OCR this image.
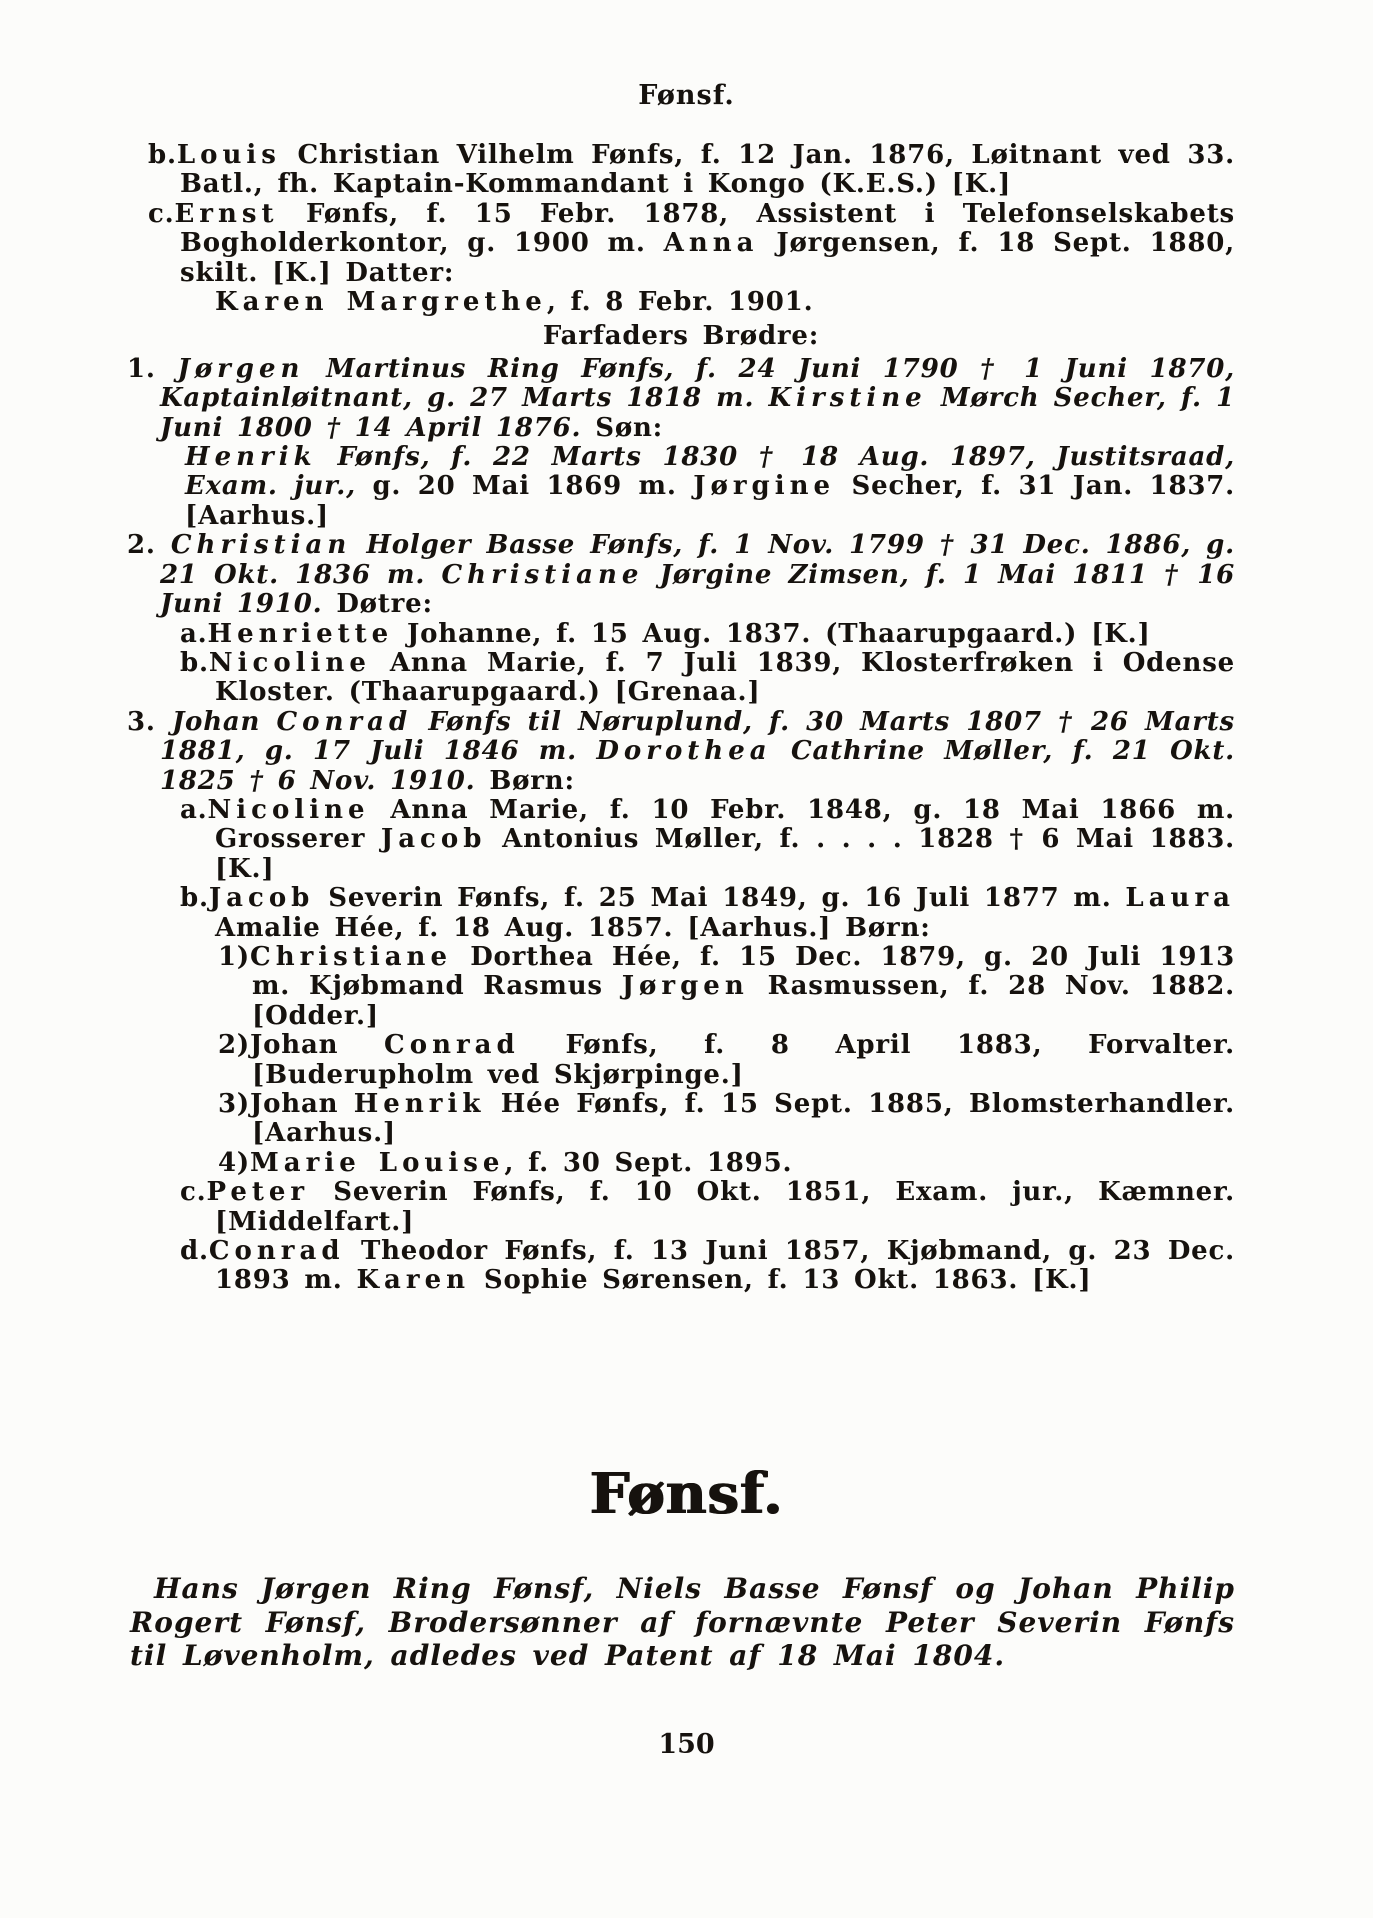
Fønsf.

b.Louis Christian Vilhelm Fønfs, f. 12 Jan. 1876, Løitnant ved 33. Batl., fh. Kaptain-Kommandant i Kongo (K.E.S.) [K.]

c.Ernst Fønfs, f. 15 Febr. 1878, Assistent i Telefonselskabets Bogholderkontor, g. 1900 m. Anna Jørgensen, f. 18 Sept. 1880, skilt. [K.] Datter:

Karen Margrethe, f. 8 Febr. 1901.

Farfaders Brødre:

1. Jørgen Martinus Ring Fønfs, f. 24 Juni 1790 † 1 Juni 1870, Kaptainløitnant, g. 27 Marts 1818 m. Kirstine Mørch Secher, f. 1 Juni 1800 † 14 April 1876. Søn:

Henrik Fønfs, f. 22 Marts 1830 † 18 Aug. 1897, Justitsraad, Exam. jur., g. 20 Mai 1869 m. Jørgine Secher, f. 31 Jan. 1837. [Aarhus.]

2. Christian Holger Basse Fønfs, f. 1 Nov. 1799 † 31 Dec. 1886, g. 21 Okt. 1836 m. Christiane Jørgine Zimsen, f. 1 Mai 1811 † 16 Juni 1910. Døtre:

a.Henriette Johanne, f. 15 Aug. 1837. (Thaarupgaard.) [K.]

b.Nicoline Anna Marie, f. 7 Juli 1839, Klosterfrøken i Odense Kloster. (Thaarupgaard.) [Grenaa.]

3. Johan Conrad Fønfs til Nøruplund, f. 30 Marts 1807 † 26 Marts 1881, g. 17 Juli 1846 m. Dorothea Cathrine Møller, f. 21 Okt. 1825 † 6 Nov. 1910. Børn:

a.Nicoline Anna Marie, f. 10 Febr. 1848, g. 18 Mai 1866 m. Grosserer Jacob Antonius Møller, f. . . . . 1828 † 6 Mai 1883. [K.]

b.Jacob Severin Fønfs, f. 25 Mai 1849, g. 16 Juli 1877 m. Laura Amalie Hée, f. 18 Aug. 1857. [Aarhus.] Børn:

1)Christiane Dorthea Hée, f. 15 Dec. 1879, g. 20 Juli 1913 m. Kjøbmand Rasmus Jørgen Rasmussen, f. 28 Nov. 1882. [Odder.]

2)Johan Conrad Fønfs, f. 8 April 1883, Forvalter. [Buderupholm ved Skjørpinge.]

3)Johan Henrik Hée Fønfs, f. 15 Sept. 1885, Blomsterhandler. [Aarhus.]

4)Marie Louise, f. 30 Sept. 1895.

c.Peter Severin Fønfs, f. 10 Okt. 1851, Exam. jur., Kæmner. [Middelfart.]

d.Conrad Theodor Fønfs, f. 13 Juni 1857, Kjøbmand, g. 23 Dec. 1893 m. Karen Sophie Sørensen, f. 13 Okt. 1863. [K.]

Fønsf.

Hans Jørgen Ring Fønsf, Niels Basse Fønsf og Johan Philip Rogert Fønsf, Brodersønner af fornævnte Peter Severin Fønfs til Løvenholm, adledes ved Patent af 18 Mai 1804.

150
